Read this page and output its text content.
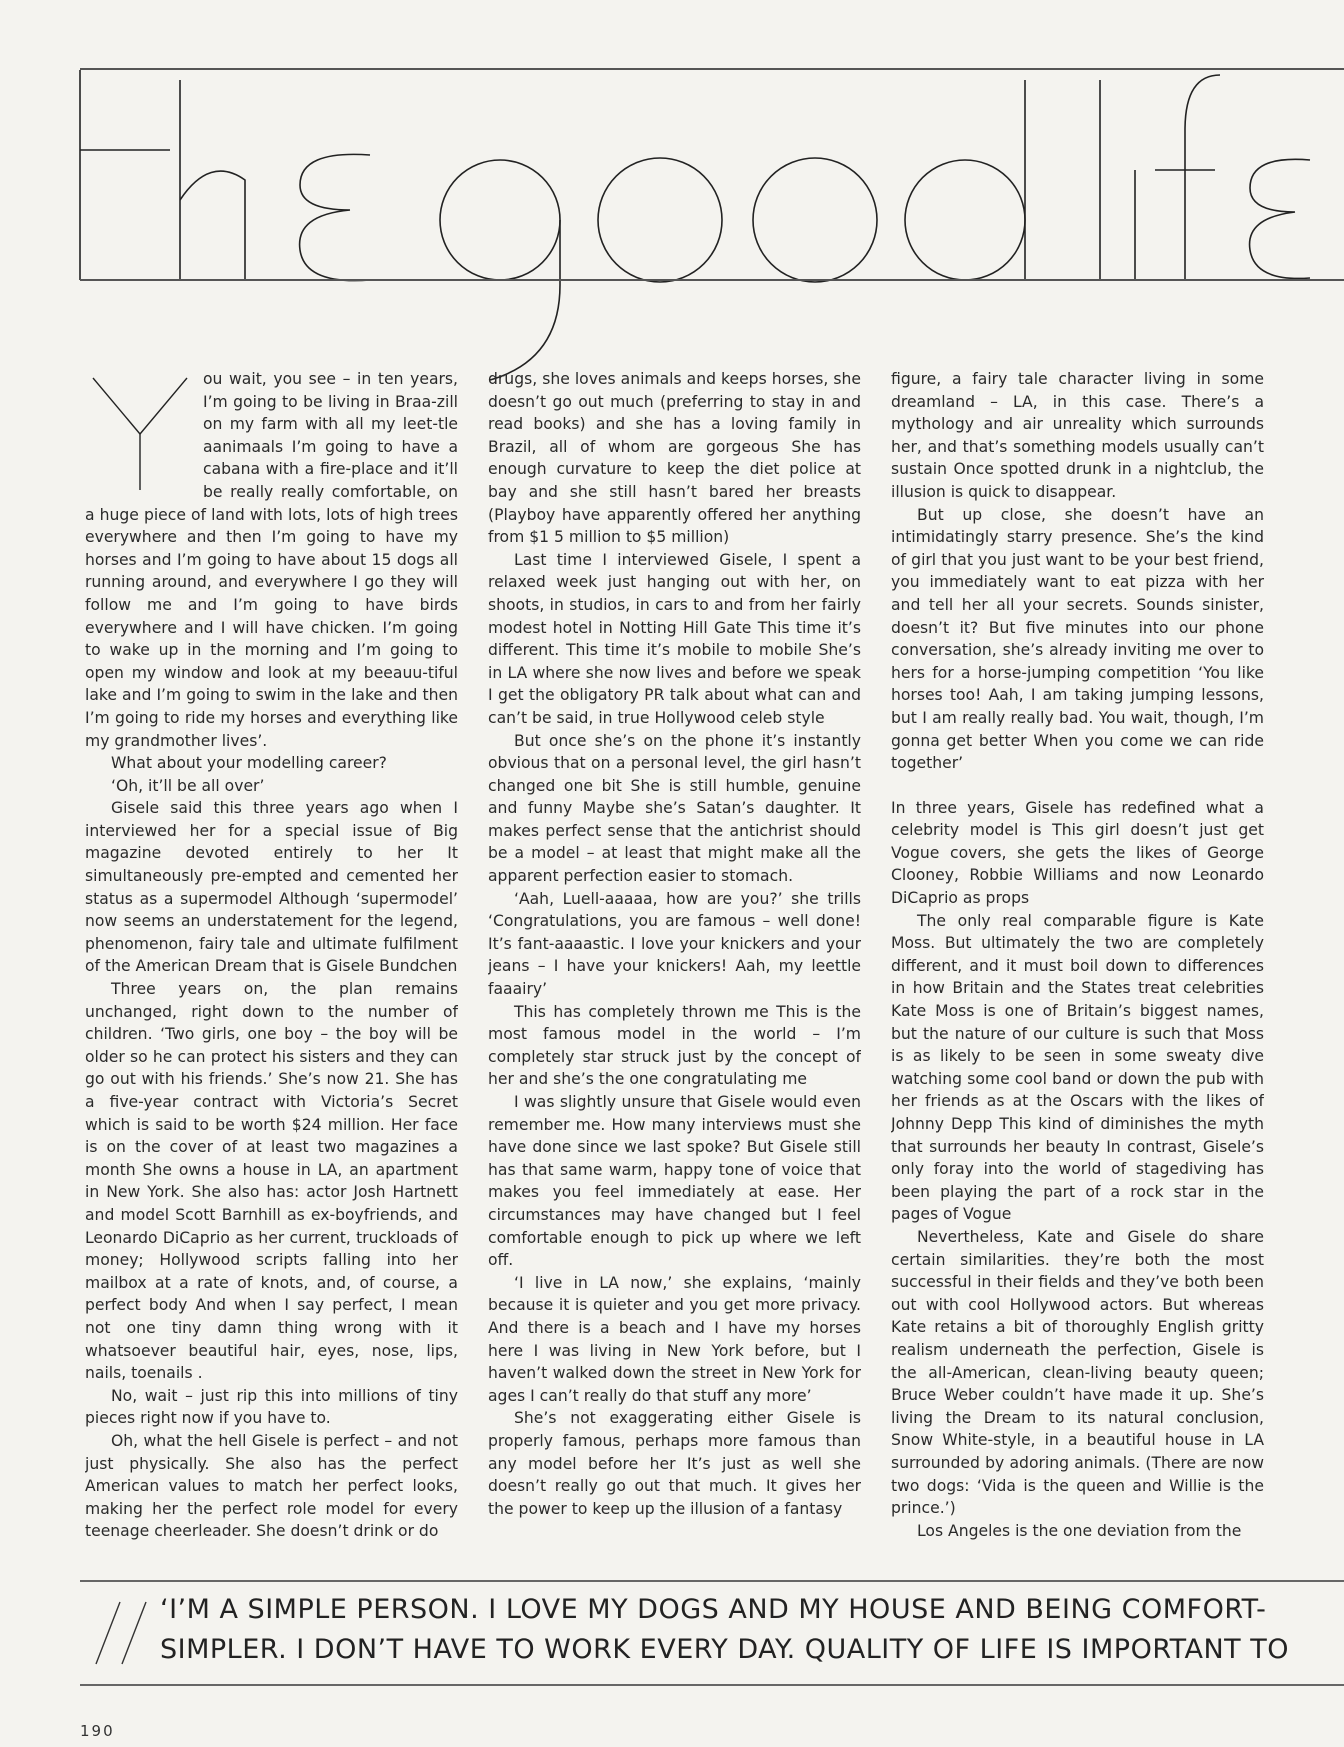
The good life
Y	ou wait, you see – in ten years, I’m going to be living in Braa-zill on my farm with all my leet-tle aanimaals I’m going to have a cabana with a fire-place and it’ll be really really comfortable, on a huge piece of land with lots, lots of high trees everywhere and then I’m going to have my horses and I’m going to have about 15 dogs all running around, and everywhere I go they will follow me and I’m going to have birds everywhere and I will have chicken. I’m going to wake up in the morning and I’m going to open my window and look at my beeauu-tiful lake and I’m going to swim in the lake and then I’m going to ride my horses and everything like my grandmother lives’.

What about your modelling career?

‘Oh, it’ll be all over’

Gisele said this three years ago when I interviewed her for a special issue of Big magazine devoted entirely to her It simultaneously pre-empted and cemented her status as a supermodel Although ‘supermodel’ now seems an understatement for the legend, phenomenon, fairy tale and ultimate fulfilment of the American Dream that is Gisele Bundchen

Three years on, the plan remains unchanged, right down to the number of children. ‘Two girls, one boy – the boy will be older so he can protect his sisters and they can go out with his friends.’ She’s now 21. She has a five-year contract with Victoria’s Secret which is said to be worth $24 million. Her face is on the cover of at least two magazines a month She owns a house in LA, an apartment in New York. She also has: actor Josh Hartnett and model Scott Barnhill as ex-boyfriends, and Leonardo DiCaprio as her current, truckloads of money; Hollywood scripts falling into her mailbox at a rate of knots, and, of course, a perfect body And when I say perfect, I mean not one tiny damn thing wrong with it whatsoever beautiful hair, eyes, nose, lips, nails, toenails .

No, wait – just rip this into millions of tiny pieces right now if you have to.

Oh, what the hell Gisele is perfect – and not just physically. She also has the perfect American values to match her perfect looks, making her the perfect role model for every teenage cheerleader. She doesn’t drink or do

drugs, she loves animals and keeps horses, she doesn’t go out much (preferring to stay in and read books) and she has a loving family in Brazil, all of whom are gorgeous She has enough curvature to keep the diet police at bay and she still hasn’t bared her breasts (Playboy have apparently offered her anything from $1 5 million to $5 million)

Last time I interviewed Gisele, I spent a relaxed week just hanging out with her, on shoots, in studios, in cars to and from her fairly modest hotel in Notting Hill Gate This time it’s different. This time it’s mobile to mobile She’s in LA where she now lives and before we speak I get the obligatory PR talk about what can and can’t be said, in true Hollywood celeb style

But once she’s on the phone it’s instantly obvious that on a personal level, the girl hasn’t changed one bit She is still humble, genuine and funny Maybe she’s Satan’s daughter. It makes perfect sense that the antichrist should be a model – at least that might make all the apparent perfection easier to stomach.

‘Aah, Luell-aaaaa, how are you?’ she trills ‘Congratulations, you are famous – well done! It’s fant-aaaastic. I love your knickers and your jeans – I have your knickers! Aah, my leettle faaairy’

This has completely thrown me This is the most famous model in the world – I’m completely star struck just by the concept of her and she’s the one congratulating me

I was slightly unsure that Gisele would even remember me. How many interviews must she have done since we last spoke? But Gisele still has that same warm, happy tone of voice that makes you feel immediately at ease. Her circumstances may have changed but I feel comfortable enough to pick up where we left off.

‘I live in LA now,’ she explains, ‘mainly because it is quieter and you get more privacy. And there is a beach and I have my horses here I was living in New York before, but I haven’t walked down the street in New York for ages I can’t really do that stuff any more’

She’s not exaggerating either Gisele is properly famous, perhaps more famous than any model before her It’s just as well she doesn’t really go out that much. It gives her the power to keep up the illusion of a fantasy

figure, a fairy tale character living in some dreamland – LA, in this case. There’s a mythology and air unreality which surrounds her, and that’s something models usually can’t sustain Once spotted drunk in a nightclub, the illusion is quick to disappear.

But up close, she doesn’t have an intimidatingly starry presence. She’s the kind of girl that you just want to be your best friend, you immediately want to eat pizza with her and tell her all your secrets. Sounds sinister, doesn’t it? But five minutes into our phone conversation, she’s already inviting me over to hers for a horse-jumping competition ‘You like horses too! Aah, I am taking jumping lessons, but I am really really bad. You wait, though, I’m gonna get better When you come we can ride together’

In three years, Gisele has redefined what a celebrity model is This girl doesn’t just get Vogue covers, she gets the likes of George Clooney, Robbie Williams and now Leonardo DiCaprio as props

The only real comparable figure is Kate Moss. But ultimately the two are completely different, and it must boil down to differences in how Britain and the States treat celebrities Kate Moss is one of Britain’s biggest names, but the nature of our culture is such that Moss is as likely to be seen in some sweaty dive watching some cool band or down the pub with her friends as at the Oscars with the likes of Johnny Depp This kind of diminishes the myth that surrounds her beauty In contrast, Gisele’s only foray into the world of stagediving has been playing the part of a rock star in the pages of Vogue

Nevertheless, Kate and Gisele do share certain similarities. they’re both the most successful in their fields and they’ve both been out with cool Hollywood actors. But whereas Kate retains a bit of thoroughly English gritty realism underneath the perfection, Gisele is the all-American, clean-living beauty queen; Bruce Weber couldn’t have made it up. She’s living the Dream to its natural conclusion, Snow White-style, in a beautiful house in LA surrounded by adoring animals. (There are now two dogs: ‘Vida is the queen and Willie is the prince.’)

Los Angeles is the one deviation from the

‘I’M A SIMPLE PERSON. I LOVE MY DOGS AND MY HOUSE AND BEING COMFORT-
SIMPLER. I DON’T HAVE TO WORK EVERY DAY. QUALITY OF LIFE IS IMPORTANT TO
190
